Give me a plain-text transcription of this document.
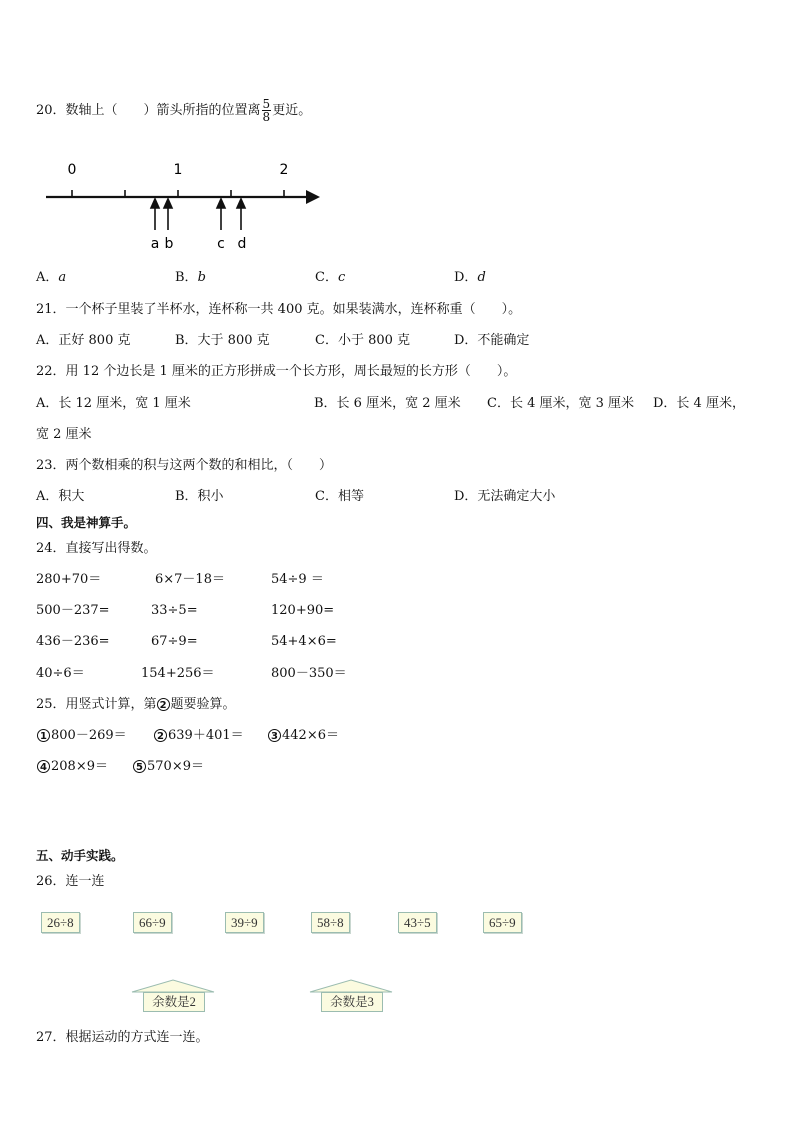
20．数轴上（　　）箭头所指的位置离 $\frac{5}{8}$ 更近。
0	1	2
a b	c d
A．a	B．b	C．c	D．d
21．一个杯子里装了半杯水，连杯称一共 400 克。如果装满水，连杯称重（　　）。
A．正好 800 克	B．大于 800 克	C．小于 800 克	D．不能确定
22．用 12 个边长是 1 厘米的正方形拼成一个长方形，周长最短的长方形（　　）。
A．长 12 厘米，宽 1 厘米	B．长 6 厘米，宽 2 厘米 C．长 4 厘米，宽 3 厘米 D．长 4 厘米，
宽 2 厘米
23．两个数相乘的积与这两个数的和相比，（　　）
A．积大	B．积小	C．相等	D．无法确定大小
四、我是神算手。
24．直接写出得数。
280+70＝	6×7－18＝	54÷9 ＝
500－237=	33÷5=	120+90=
436－236=	67÷9=	54+4×6=
40÷6＝	154+256＝	800－350＝
25．用竖式计算，第 2 题要验算。
1 800－269＝	2 639＋401＝	3 442×6＝
4 208×9＝	5 570×9＝
五、动手实践。
26．连一连
26÷8	66÷9	39÷9	58÷8	43÷5	65÷9
余数是2	余数是3
27．根据运动的方式连一连。
